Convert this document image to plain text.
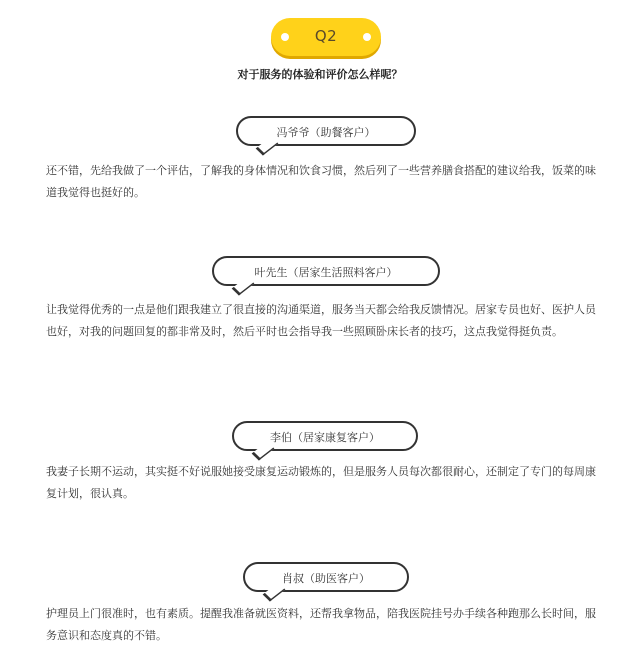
Q2
对于服务的体验和评价怎么样呢？
冯爷爷（助餐客户）

还不错，先给我做了一个评估，了解我的身体情况和饮食习惯，然后列了一些营养膳食搭配的建议给我，饭菜的味道我觉得也挺好的。

叶先生（居家生活照料客户）

让我觉得优秀的一点是他们跟我建立了很直接的沟通渠道，服务当天都会给我反馈情况。居家专员也好、医护人员也好，对我的问题回复的都非常及时，然后平时也会指导我一些照顾卧床长者的技巧，这点我觉得挺负责。

李伯（居家康复客户）

我妻子长期不运动，其实挺不好说服她接受康复运动锻炼的，但是服务人员每次都很耐心，还制定了专门的每周康复计划，很认真。

肖叔（助医客户）

护理员上门很准时，也有素质。提醒我准备就医资料，还帮我拿物品，陪我医院挂号办手续各种跑那么长时间，服务意识和态度真的不错。
